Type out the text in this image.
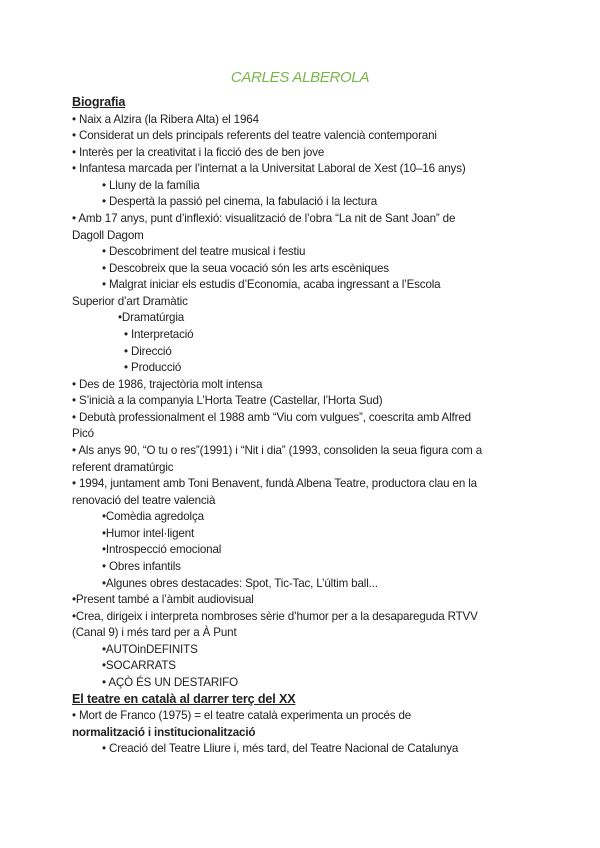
CARLES ALBEROLA
Biografia
• Naix a Alzira (la Ribera Alta) el 1964
• Considerat un dels principals referents del teatre valencià contemporani
• Interès per la creativitat i la ficció des de ben jove
• Infantesa marcada per l’internat a la Universitat Laboral de Xest (10–16 anys)
• Lluny de la família
• Despertà la passió pel cinema, la fabulació i la lectura
• Amb 17 anys, punt d’inflexió: visualització de l’obra “La nit de Sant Joan” de
Dagoll Dagom
• Descobriment del teatre musical i festiu
• Descobreix que la seua vocació són les arts escèniques
• Malgrat iniciar els estudis d’Economia, acaba ingressant a l’Escola
Superior d’art Dramàtic
•Dramatúrgia
• Interpretació
• Direcció
• Producció
• Des de 1986, trajectòria molt intensa
• S’inicià a la companyia L’Horta Teatre (Castellar, l’Horta Sud)
• Debutà professionalment el 1988 amb “Viu com vulgues”, coescrita amb Alfred
Picó
• Als anys 90, “O tu o res”(1991) i “Nit i dia” (1993, consoliden la seua figura com a
referent dramatúrgic
• 1994, juntament amb Toni Benavent, fundà Albena Teatre, productora clau en la
renovació del teatre valencià
•Comèdia agredolça
•Humor intel·ligent
•Introspecció emocional
• Obres infantils
•Algunes obres destacades: Spot, Tic-Tac, L’últim ball...
•Present també a l’àmbit audiovisual
•Crea, dirigeix i interpreta nombroses sèrie d’humor per a la desapareguda RTVV
(Canal 9) i més tard per a À Punt
•AUTOinDEFINITS
•SOCARRATS
• AÇÒ ÉS UN DESTARIFO
El teatre en català al darrer terç del XX
• Mort de Franco (1975) = el teatre català experimenta un procés de
normalització i institucionalització
• Creació del Teatre Lliure i, més tard, del Teatre Nacional de Catalunya
